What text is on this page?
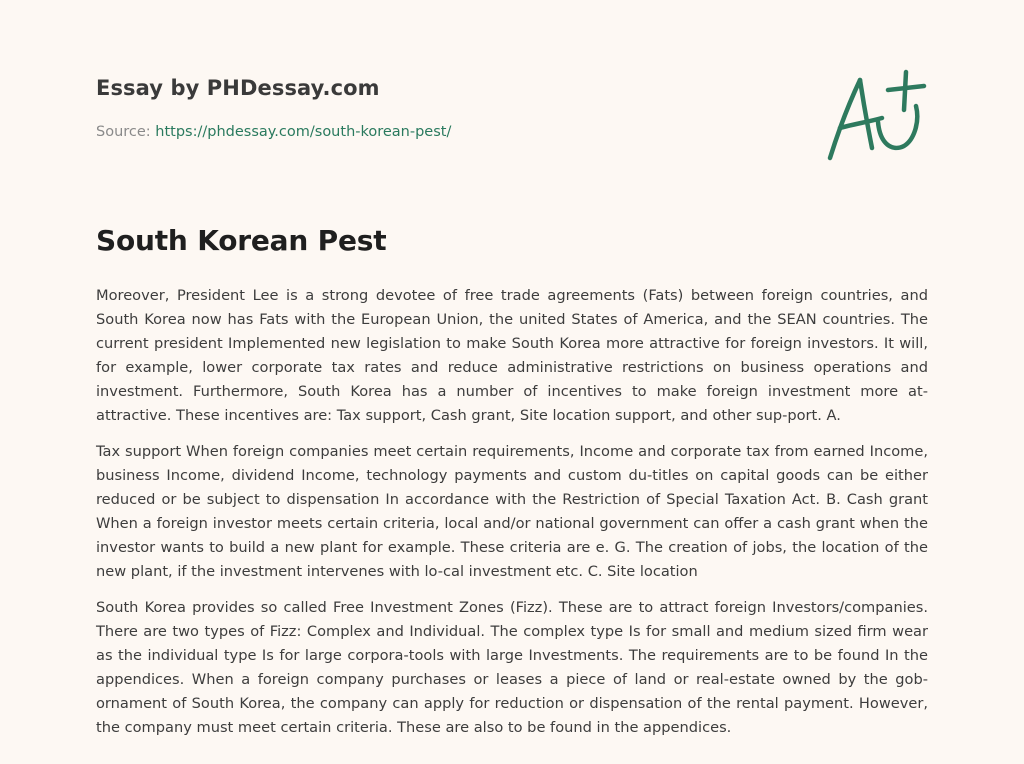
Essay by PHDessay.com
Source: https://phdessay.com/south-korean-pest/
South Korean Pest

Moreover, President Lee is a strong devotee of free trade agreements (Fats) between foreign countries, and South Korea now has Fats with the European Union, the united States of America, and the SEAN countries. The current president Implemented new legislation to make South Korea more attractive for foreign investors. It will, for example, lower corporate tax rates and reduce administrative restrictions on business operations and investment. Furthermore, South Korea has a number of incentives to make foreign investment more at-attractive. These incentives are: Tax support, Cash grant, Site location support, and other sup-port. A.

Tax support When foreign companies meet certain requirements, Income and corporate tax from earned Income, business Income, dividend Income, technology payments and custom du-titles on capital goods can be either reduced or be subject to dispensation In accordance with the Restriction of Special Taxation Act. B. Cash grant When a foreign investor meets certain criteria, local and/or national government can offer a cash grant when the investor wants to build a new plant for example. These criteria are e. G. The creation of jobs, the location of the new plant, if the investment intervenes with lo-cal investment etc. C. Site location

South Korea provides so called Free Investment Zones (Fizz). These are to attract foreign Investors/companies. There are two types of Fizz: Complex and Individual. The complex type Is for small and medium sized firm wear as the individual type Is for large corpora-tools with large Investments. The requirements are to be found In the appendices. When a foreign company purchases or leases a piece of land or real-estate owned by the gob-ornament of South Korea, the company can apply for reduction or dispensation of the rental payment. However, the company must meet certain criteria. These are also to be found in the appendices.
